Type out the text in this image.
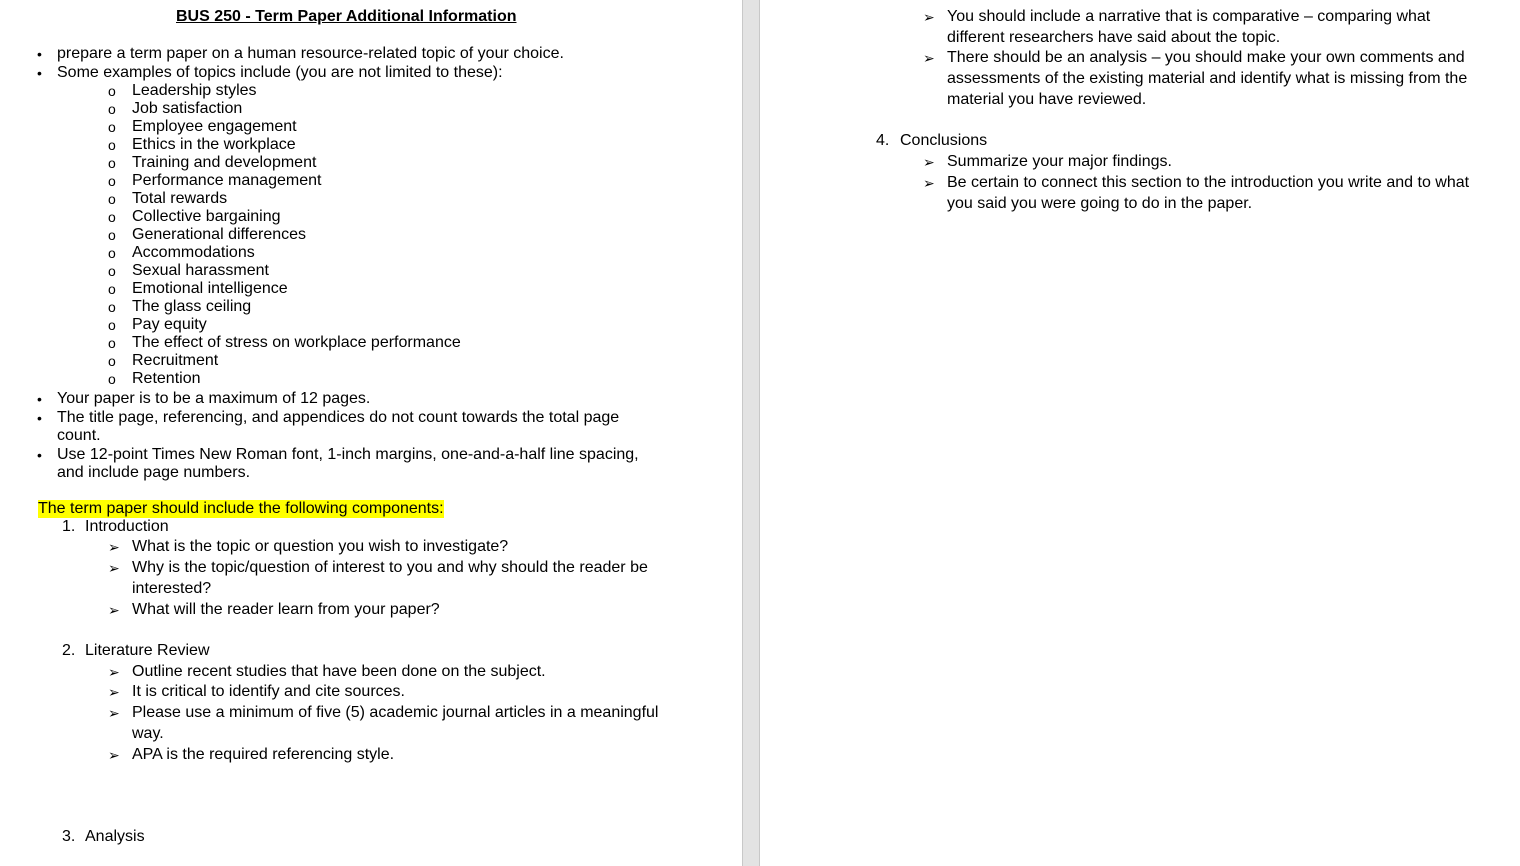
BUS 250 - Term Paper Additional Information
• prepare a term paper on a human resource-related topic of your choice.
• Some examples of topics include (you are not limited to these):
o Leadership styles
o Job satisfaction
o Employee engagement
o Ethics in the workplace
o Training and development
o Performance management
o Total rewards
o Collective bargaining
o Generational differences
o Accommodations
o Sexual harassment
o Emotional intelligence
o The glass ceiling
o Pay equity
o The effect of stress on workplace performance
o Recruitment
o Retention
• Your paper is to be a maximum of 12 pages.
• The title page, referencing, and appendices do not count towards the total page
count.
• Use 12-point Times New Roman font, 1-inch margins, one-and-a-half line spacing,
and include page numbers.
The term paper should include the following components:
1. Introduction
➢ What is the topic or question you wish to investigate?
➢ Why is the topic/question of interest to you and why should the reader be
interested?
➢ What will the reader learn from your paper?
2. Literature Review
➢ Outline recent studies that have been done on the subject.
➢ It is critical to identify and cite sources.
➢ Please use a minimum of five (5) academic journal articles in a meaningful
way.
➢ APA is the required referencing style.
3. Analysis
➢ You should include a narrative that is comparative – comparing what
different researchers have said about the topic.
➢ There should be an analysis – you should make your own comments and
assessments of the existing material and identify what is missing from the
material you have reviewed.
4. Conclusions
➢ Summarize your major findings.
➢ Be certain to connect this section to the introduction you write and to what
you said you were going to do in the paper.
